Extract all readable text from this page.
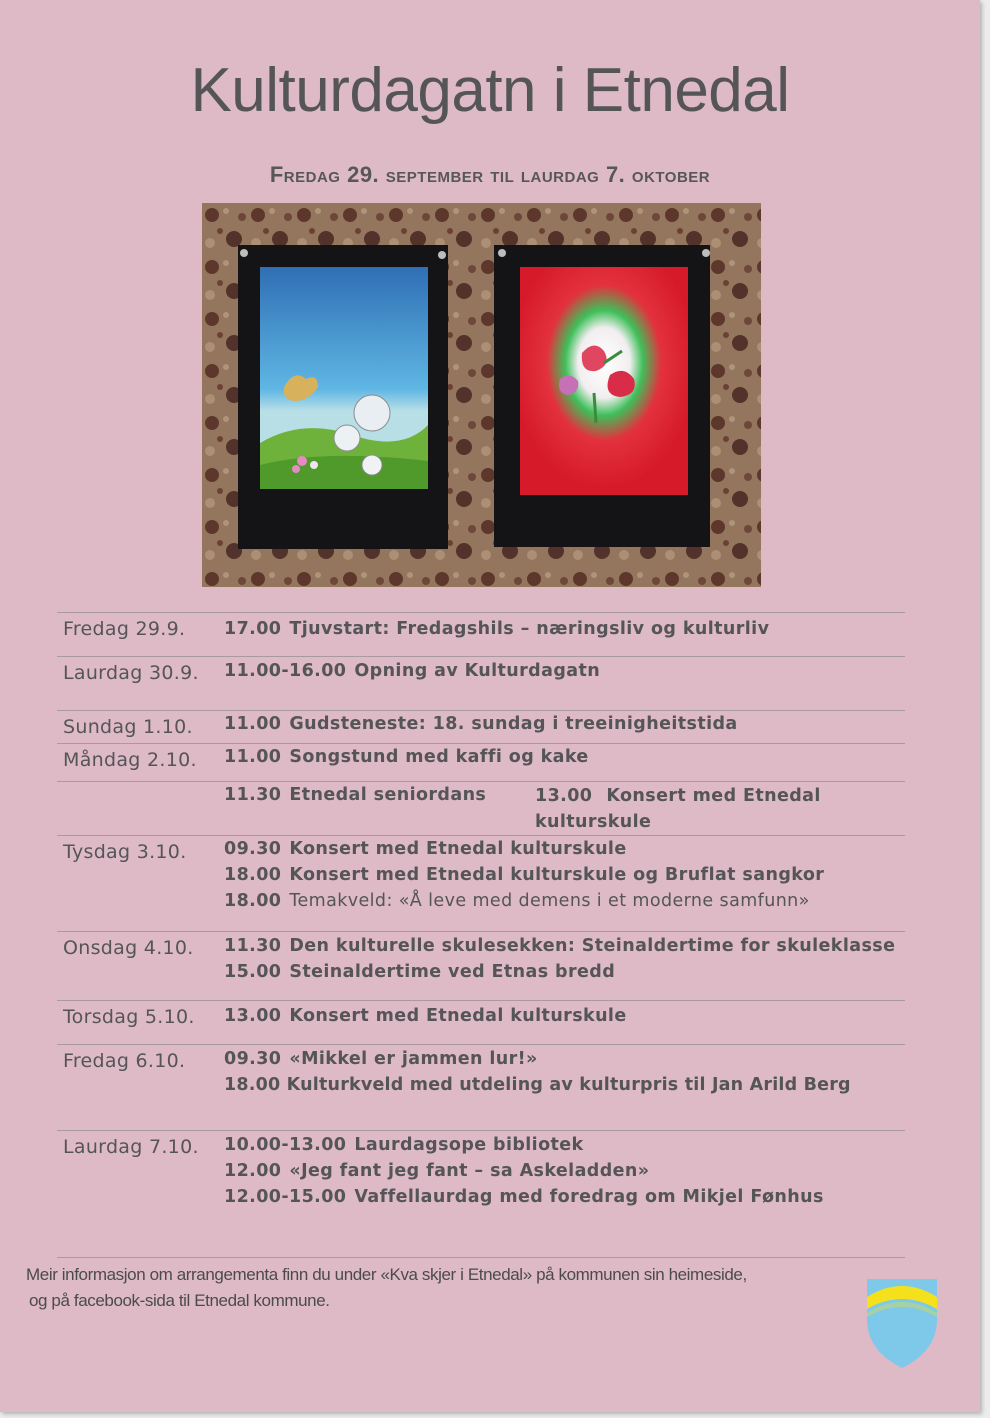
Kulturdagatn i Etnedal
Fredag 29. september til laurdag 7. oktober
Fredag 29.9. 17.00 Tjuvstart: Fredagshils – næringsliv og kulturliv
Laurdag 30.9. 11.00-16.00 Opning av Kulturdagatn
Sundag 1.10. 11.00 Gudsteneste: 18. sundag i treeinigheitstida
Måndag 2.10. 11.00 Songstund med kaffi og kake
11.30 Etnedal seniordans	13.00 Konsert med Etnedal kulturskule
Tysdag 3.10. 09.30 Konsert med Etnedal kulturskule
18.00 Konsert med Etnedal kulturskule og Bruflat sangkor
18.00 Temakveld: «Å leve med demens i et moderne samfunn»
Onsdag 4.10. 11.30 Den kulturelle skulesekken: Steinaldertime for skuleklasse
15.00 Steinaldertime ved Etnas bredd
Torsdag 5.10. 13.00 Konsert med Etnedal kulturskule
Fredag 6.10. 09.30 «Mikkel er jammen lur!»
18.00 Kulturkveld med utdeling av kulturpris til Jan Arild Berg
Laurdag 7.10. 10.00-13.00 Laurdagsope bibliotek
12.00 «Jeg fant jeg fant – sa Askeladden»
12.00-15.00 Vaffellaurdag med foredrag om Mikjel Fønhus
Meir informasjon om arrangementa finn du under «Kva skjer i Etnedal» på kommunen sin heimeside,
og på facebook-sida til Etnedal kommune.
